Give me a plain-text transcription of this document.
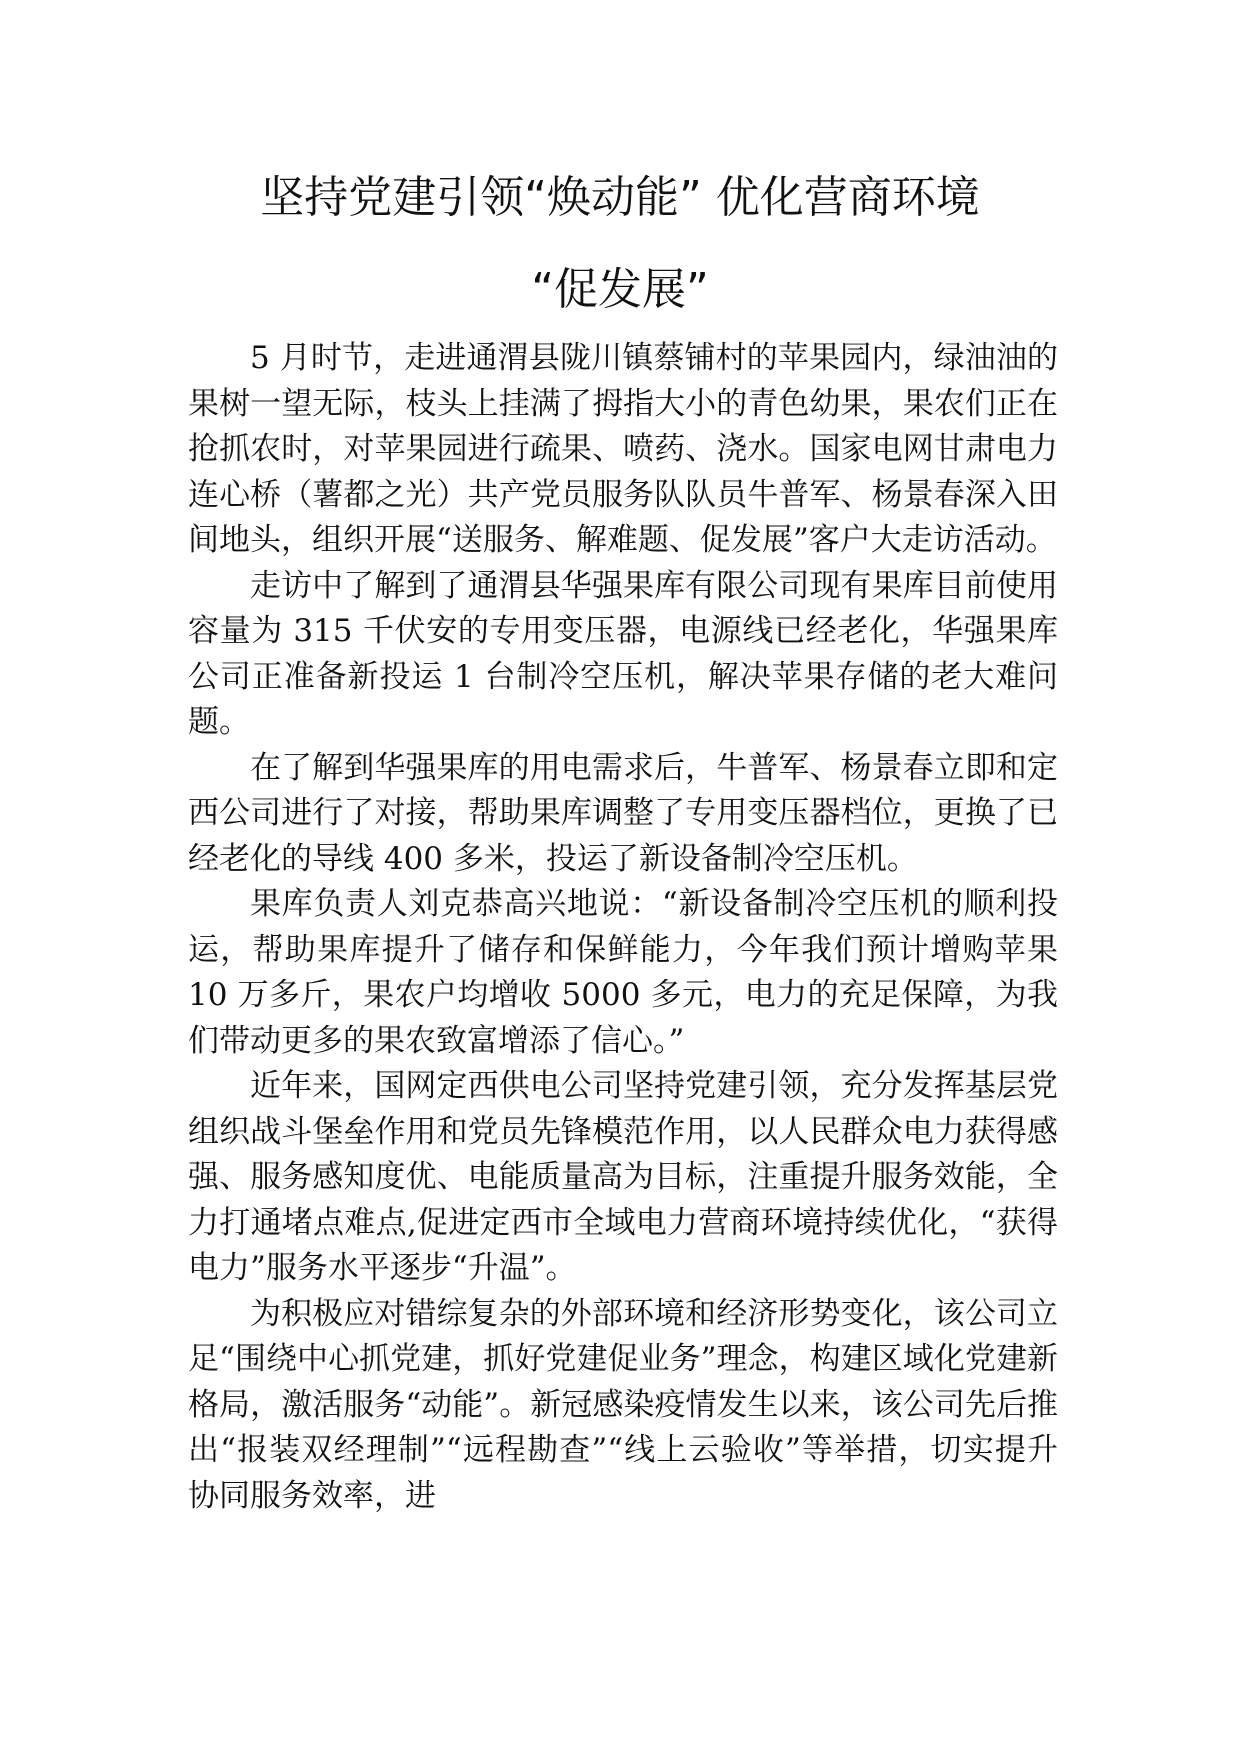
坚持党建引领“焕动能” 优化营商环境
“促发展”

5 月时节，走进通渭县陇川镇蔡铺村的苹果园内，绿油油的果树一望无际，枝头上挂满了拇指大小的青色幼果，果农们正在抢抓农时，对苹果园进行疏果、喷药、浇水。国家电网甘肃电力连心桥（薯都之光）共产党员服务队队员牛普军、杨景春深入田间地头，组织开展“送服务、解难题、促发展”客户大走访活动。

走访中了解到了通渭县华强果库有限公司现有果库目前使用容量为 315 千伏安的专用变压器，电源线已经老化，华强果库公司正准备新投运 1 台制冷空压机，解决苹果存储的老大难问题。

在了解到华强果库的用电需求后，牛普军、杨景春立即和定西公司进行了对接，帮助果库调整了专用变压器档位，更换了已经老化的导线 400 多米，投运了新设备制冷空压机。

果库负责人刘克恭高兴地说：“新设备制冷空压机的顺利投运，帮助果库提升了储存和保鲜能力，今年我们预计增购苹果 10 万多斤，果农户均增收 5000 多元，电力的充足保障，为我们带动更多的果农致富增添了信心。”

近年来，国网定西供电公司坚持党建引领，充分发挥基层党组织战斗堡垒作用和党员先锋模范作用，以人民群众电力获得感强、服务感知度优、电能质量高为目标，注重提升服务效能，全力打通堵点难点,促进定西市全域电力营商环境持续优化，“获得电力”服务水平逐步“升温”。

为积极应对错综复杂的外部环境和经济形势变化，该公司立足“围绕中心抓党建，抓好党建促业务”理念，构建区域化党建新格局，激活服务“动能”。新冠感染疫情发生以来，该公司先后推出“报装双经理制”“远程勘查”“线上云验收”等举措，切实提升协同服务效率，进
